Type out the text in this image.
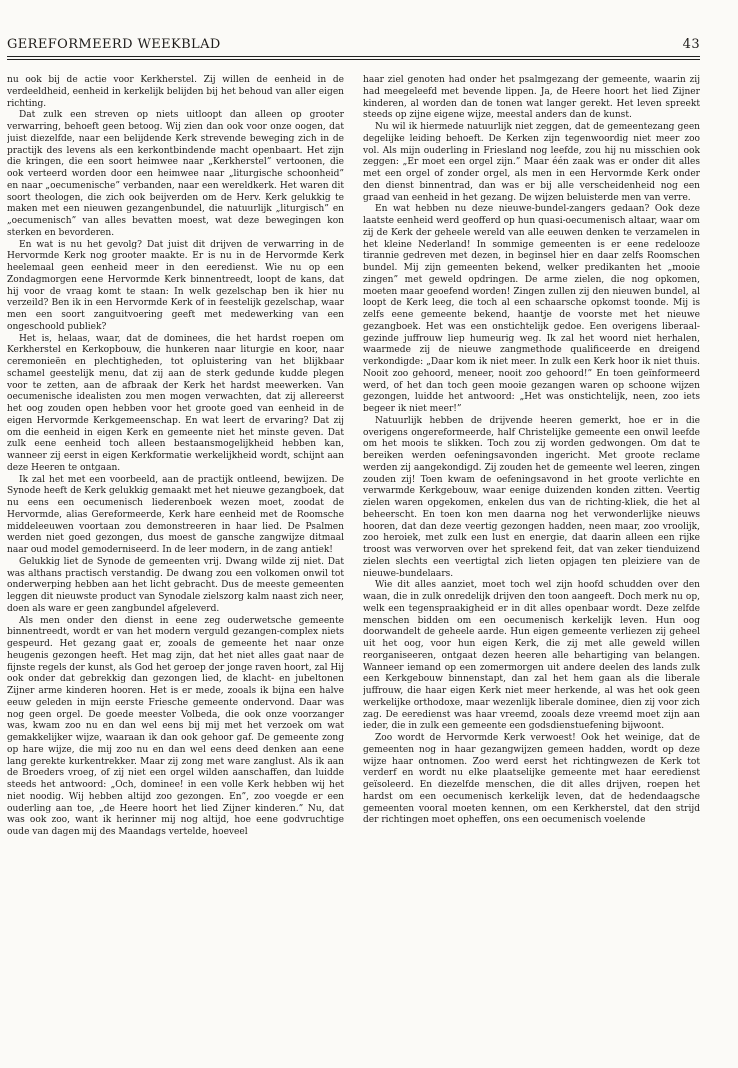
GEREFORMEERD WEEKBLAD	43

nu ook bij de actie voor Kerkherstel. Zij willen de eenheid in de verdeeldheid, eenheid in kerkelijk belijden bij het behoud van aller eigen richting.

Dat zulk een streven op niets uitloopt dan alleen op grooter verwarring, behoeft geen betoog. Wij zien dan ook voor onze oogen, dat juist diezelfde, naar een belijdende Kerk strevende beweging zich in de practijk des levens als een kerkontbindende macht openbaart. Het zijn die kringen, die een soort heimwee naar „Kerkherstel” vertoonen, die ook verteerd worden door een heimwee naar „liturgische schoonheid” en naar „oecumenische” verbanden, naar een wereldkerk. Het waren dit soort theologen, die zich ook beijverden om de Herv. Kerk gelukkig te maken met een nieuwen gezangenbundel, die natuurlijk „liturgisch” en „oecumenisch” van alles bevatten moest, wat deze bewegingen kon sterken en bevorderen.

En wat is nu het gevolg? Dat juist dit drijven de verwarring in de Hervormde Kerk nog grooter maakte. Er is nu in de Hervormde Kerk heelemaal geen eenheid meer in den eeredienst. Wie nu op een Zondagmorgen eene Hervormde Kerk binnentreedt, loopt de kans, dat hij voor de vraag komt te staan: In welk gezelschap ben ik hier nu verzeild? Ben ik in een Hervormde Kerk of in feestelijk gezelschap, waar men een soort zanguitvoering geeft met medewerking van een ongeschoold publiek?

Het is, helaas, waar, dat de dominees, die het hardst roepen om Kerkherstel en Kerkopbouw, die hunkeren naar liturgie en koor, naar ceremonieën en plechtigheden, tot opluistering van het blijkbaar schamel geestelijk menu, dat zij aan de sterk gedunde kudde plegen voor te zetten, aan de afbraak der Kerk het hardst meewerken. Van oecumenische idealisten zou men mogen verwachten, dat zij allereerst het oog zouden open hebben voor het groote goed van eenheid in de eigen Hervormde Kerkgemeenschap. En wat leert de ervaring? Dat zij om die eenheid in eigen Kerk en gemeente niet het minste geven. Dat zulk eene eenheid toch alleen bestaansmogelijkheid hebben kan, wanneer zij eerst in eigen Kerkformatie werkelijkheid wordt, schijnt aan deze Heeren te ontgaan.

Ik zal het met een voorbeeld, aan de practijk ontleend, bewijzen. De Synode heeft de Kerk gelukkig gemaakt met het nieuwe gezangboek, dat nu eens een oecumenisch liederenboek wezen moet, zoodat de Hervormde, alias Gereformeerde, Kerk hare eenheid met de Roomsche middeleeuwen voortaan zou demonstreeren in haar lied. De Psalmen werden niet goed gezongen, dus moest de gansche zangwijze ditmaal naar oud model gemoderniseerd. In de leer modern, in de zang antiek!

Gelukkig liet de Synode de gemeenten vrij. Dwang wilde zij niet. Dat was althans practisch verstandig. De dwang zou een volkomen onwil tot onderwerping hebben aan het licht gebracht. Dus de meeste gemeenten leggen dit nieuwste product van Synodale zielszorg kalm naast zich neer, doen als ware er geen zangbundel afgeleverd.

Als men onder den dienst in eene zeg ouderwetsche gemeente binnentreedt, wordt er van het modern verguld gezangen-complex niets gespeurd. Het gezang gaat er, zooals de gemeente het naar onze heugenis gezongen heeft. Het mag zijn, dat het niet alles gaat naar de fijnste regels der kunst, als God het geroep der jonge raven hoort, zal Hij ook onder dat gebrekkig dan gezongen lied, de klacht- en jubeltonen Zijner arme kinderen hooren. Het is er mede, zooals ik bijna een halve eeuw geleden in mijn eerste Friesche gemeente ondervond. Daar was nog geen orgel. De goede meester Volbeda, die ook onze voorzanger was, kwam zoo nu en dan wel eens bij mij met het verzoek om wat gemakkelijker wijze, waaraan ik dan ook gehoor gaf. De gemeente zong op hare wijze, die mij zoo nu en dan wel eens deed denken aan eene lang gerekte kurkentrekker. Maar zij zong met ware zanglust. Als ik aan de Broeders vroeg, of zij niet een orgel wilden aanschaffen, dan luidde steeds het antwoord: „Och, dominee! in een volle Kerk hebben wij het niet noodig. Wij hebben altijd zoo gezongen. En”, zoo voegde er een ouderling aan toe, „de Heere hoort het lied Zijner kinderen.” Nu, dat was ook zoo, want ik herinner mij nog altijd, hoe eene godvruchtige oude van dagen mij des Maandags vertelde, hoeveel

haar ziel genoten had onder het psalmgezang der gemeente, waarin zij had meegeleefd met bevende lippen. Ja, de Heere hoort het lied Zijner kinderen, al worden dan de tonen wat langer gerekt. Het leven spreekt steeds op zijne eigene wijze, meestal anders dan de kunst.

Nu wil ik hiermede natuurlijk niet zeggen, dat de gemeentezang geen degelijke leiding behoeft. De Kerken zijn tegenwoordig niet meer zoo vol. Als mijn ouderling in Friesland nog leefde, zou hij nu misschien ook zeggen: „Er moet een orgel zijn.” Maar één zaak was er onder dit alles met een orgel of zonder orgel, als men in een Hervormde Kerk onder den dienst binnentrad, dan was er bij alle verscheidenheid nog een graad van eenheid in het gezang. De wijzen beluisterde men van verre.

En wat hebben nu deze nieuwe-bundel-zangers gedaan? Ook deze laatste eenheid werd geofferd op hun quasi-oecumenisch altaar, waar om zij de Kerk der geheele wereld van alle eeuwen denken te verzamelen in het kleine Nederland! In sommige gemeenten is er eene redelooze tirannie gedreven met dezen, in beginsel hier en daar zelfs Roomschen bundel. Mij zijn gemeenten bekend, welker predikanten het „mooie zingen” met geweld opdringen. De arme zielen, die nog opkomen, moeten maar geoefend worden! Zingen zullen zij den nieuwen bundel, al loopt de Kerk leeg, die toch al een schaarsche opkomst toonde. Mij is zelfs eene gemeente bekend, haantje de voorste met het nieuwe gezangboek. Het was een onstichtelijk gedoe. Een overigens liberaal-gezinde juffrouw liep humeurig weg. Ik zal het woord niet herhalen, waarmede zij de nieuwe zangmethode qualificeerde en dreigend verkondigde: „Daar kom ik niet meer. In zulk een Kerk hoor ik niet thuis. Nooit zoo gehoord, meneer, nooit zoo gehoord!” En toen geïnformeerd werd, of het dan toch geen mooie gezangen waren op schoone wijzen gezongen, luidde het antwoord: „Het was onstichtelijk, neen, zoo iets begeer ik niet meer!”

Natuurlijk hebben de drijvende heeren gemerkt, hoe er in die overigens ongereformeerde, half Christelijke gemeente een onwil leefde om het moois te slikken. Toch zou zij worden gedwongen. Om dat te bereiken werden oefeningsavonden ingericht. Met groote reclame werden zij aangekondigd. Zij zouden het de gemeente wel leeren, zingen zouden zij! Toen kwam de oefeningsavond in het groote verlichte en verwarmde Kerkgebouw, waar eenige duizenden konden zitten. Veertig zielen waren opgekomen, enkelen dus van de richting-kliek, die het al beheerscht. En toen kon men daarna nog het verwonderlijke nieuws hooren, dat dan deze veertig gezongen hadden, neen maar, zoo vroolijk, zoo heroiek, met zulk een lust en energie, dat daarin alleen een rijke troost was verworven over het sprekend feit, dat van zeker tienduizend zielen slechts een veertigtal zich lieten opjagen ten pleiziere van de nieuwe-bundelaars.

Wie dit alles aanziet, moet toch wel zijn hoofd schudden over den waan, die in zulk onredelijk drijven den toon aangeeft. Doch merk nu op, welk een tegenspraakigheid er in dit alles openbaar wordt. Deze zelfde menschen bidden om een oecumenisch kerkelijk leven. Hun oog doorwandelt de geheele aarde. Hun eigen gemeente verliezen zij geheel uit het oog, voor hun eigen Kerk, die zij met alle geweld willen reorganiseeren, ontgaat dezen heeren alle behartiging van belangen. Wanneer iemand op een zomermorgen uit andere deelen des lands zulk een Kerkgebouw binnenstapt, dan zal het hem gaan als die liberale juffrouw, die haar eigen Kerk niet meer herkende, al was het ook geen werkelijke orthodoxe, maar wezenlijk liberale dominee, dien zij voor zich zag. De eeredienst was haar vreemd, zooals deze vreemd moet zijn aan ieder, die in zulk een gemeente een godsdienstuefening bijwoont.

Zoo wordt de Hervormde Kerk verwoest! Ook het weinige, dat de gemeenten nog in haar gezangwijzen gemeen hadden, wordt op deze wijze haar ontnomen. Zoo werd eerst het richtingwezen de Kerk tot verderf en wordt nu elke plaatselijke gemeente met haar eeredienst geïsoleerd. En diezelfde menschen, die dit alles drijven, roepen het hardst om een oecumenisch kerkelijk leven, dat de hedendaagsche gemeenten vooral moeten kennen, om een Kerkherstel, dat den strijd der richtingen moet opheffen, ons een oecumenisch voelende
